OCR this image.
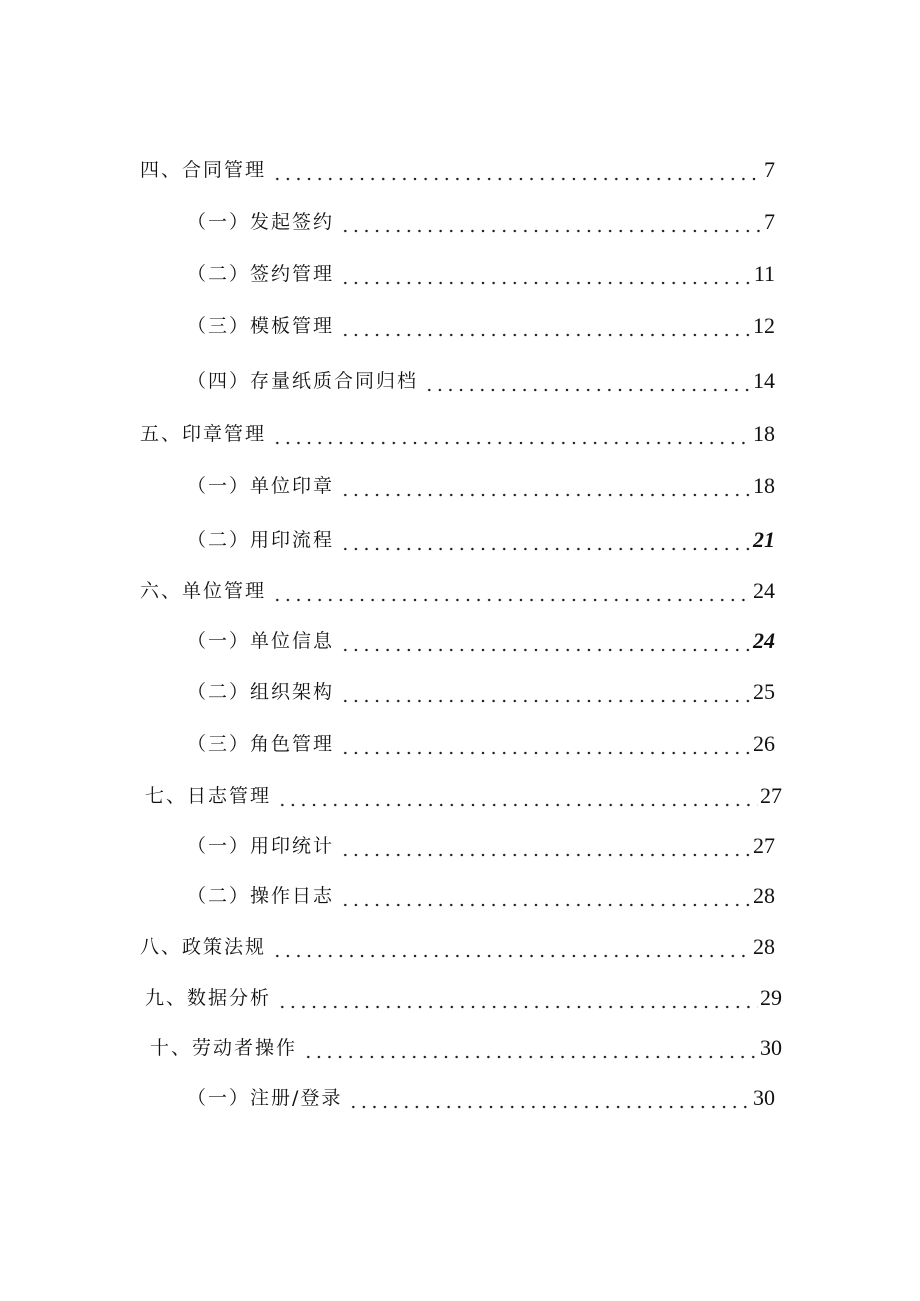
四、合同管理	7
（一）发起签约	7
（二）签约管理	11
（三）模板管理	12
（四）存量纸质合同归档	14
五、印章管理	18
（一）单位印章	18
（二）用印流程	21
六、单位管理	24
（一）单位信息	24
（二）组织架构	25
（三）角色管理	26
七、日志管理	27
（一）用印统计	27
（二）操作日志	28
八、政策法规	28
九、数据分析	29
十、劳动者操作	30
（一）注册/登录	30
